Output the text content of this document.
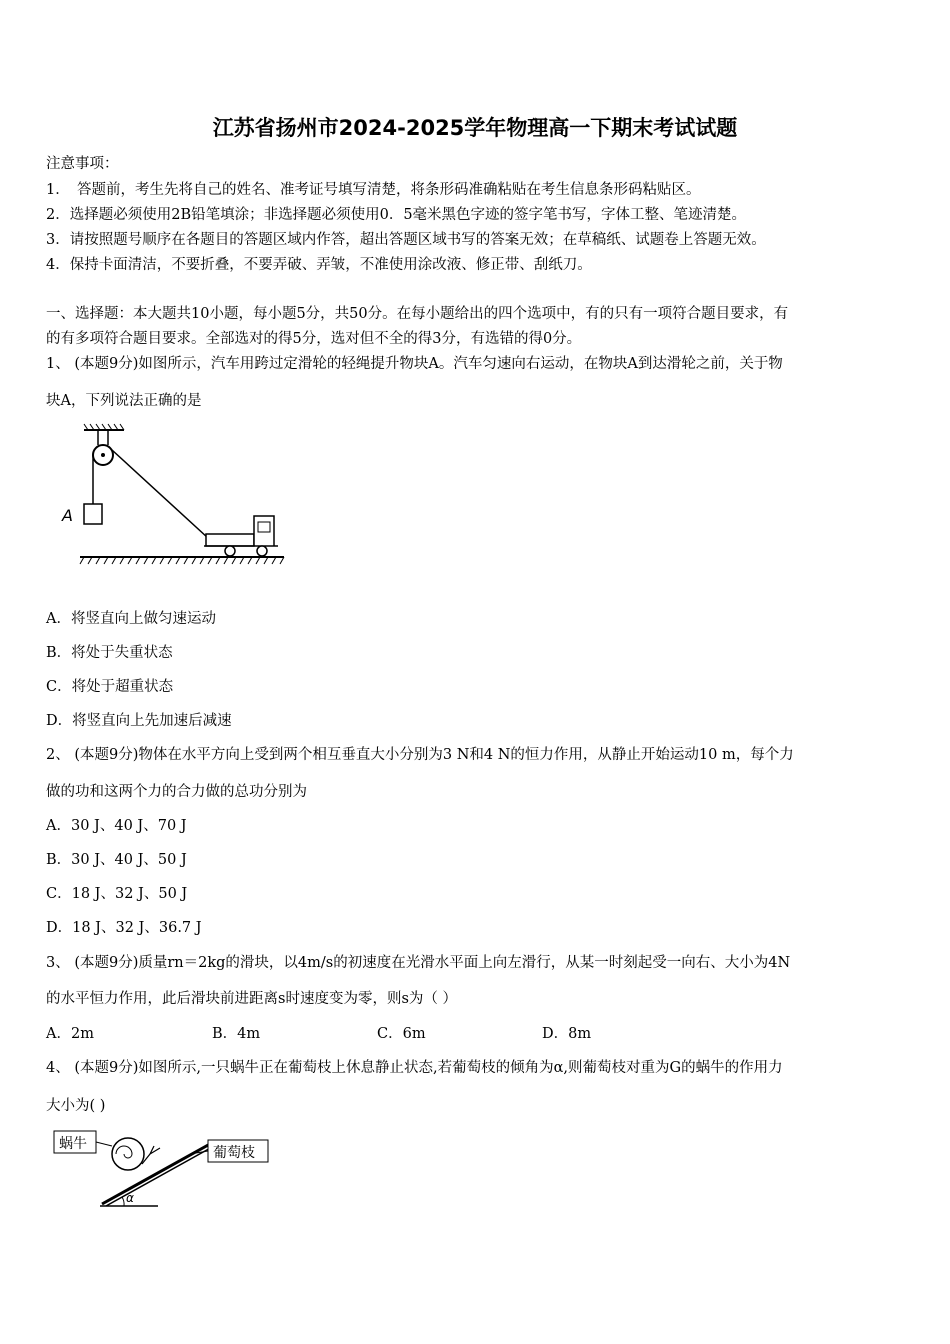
江苏省扬州市2024-2025学年物理高一下期末考试试题
注意事项：
1．　答题前，考生先将自己的姓名、准考证号填写清楚，将条形码准确粘贴在考生信息条形码粘贴区。
2．选择题必须使用2B铅笔填涂；非选择题必须使用0．5毫米黑色字迹的签字笔书写，字体工整、笔迹清楚。
3．请按照题号顺序在各题目的答题区域内作答，超出答题区域书写的答案无效；在草稿纸、试题卷上答题无效。
4．保持卡面清洁，不要折叠，不要弄破、弄皱，不准使用涂改液、修正带、刮纸刀。
一、选择题：本大题共10小题，每小题5分，共50分。在每小题给出的四个选项中，有的只有一项符合题目要求，有
的有多项符合题目要求。全部选对的得5分，选对但不全的得3分，有选错的得0分。
1、 (本题9分)如图所示，汽车用跨过定滑轮的轻绳提升物块A。汽车匀速向右运动，在物块A到达滑轮之前，关于物
块A，下列说法正确的是
A
A．将竖直向上做匀速运动
B．将处于失重状态
C．将处于超重状态
D．将竖直向上先加速后减速
2、 (本题9分)物体在水平方向上受到两个相互垂直大小分别为3 N和4 N的恒力作用，从静止开始运动10 m，每个力
做的功和这两个力的合力做的总功分别为
A．30 J、40 J、70 J
B．30 J、40 J、50 J
C．18 J、32 J、50 J
D．18 J、32 J、36.7 J
3、 (本题9分)质量rn＝2kg的滑块，以4m/s的初速度在光滑水平面上向左滑行，从某一时刻起受一向右、大小为4N
的水平恒力作用，此后滑块前进距离s时速度变为零，则s为（ ）
A．2m	B．4m	C．6m	D．8m
4、 (本题9分)如图所示,一只蜗牛正在葡萄枝上休息静止状态,若葡萄枝的倾角为α,则葡萄枝对重为G的蜗牛的作用力
大小为( )
蜗牛
α
葡萄枝
